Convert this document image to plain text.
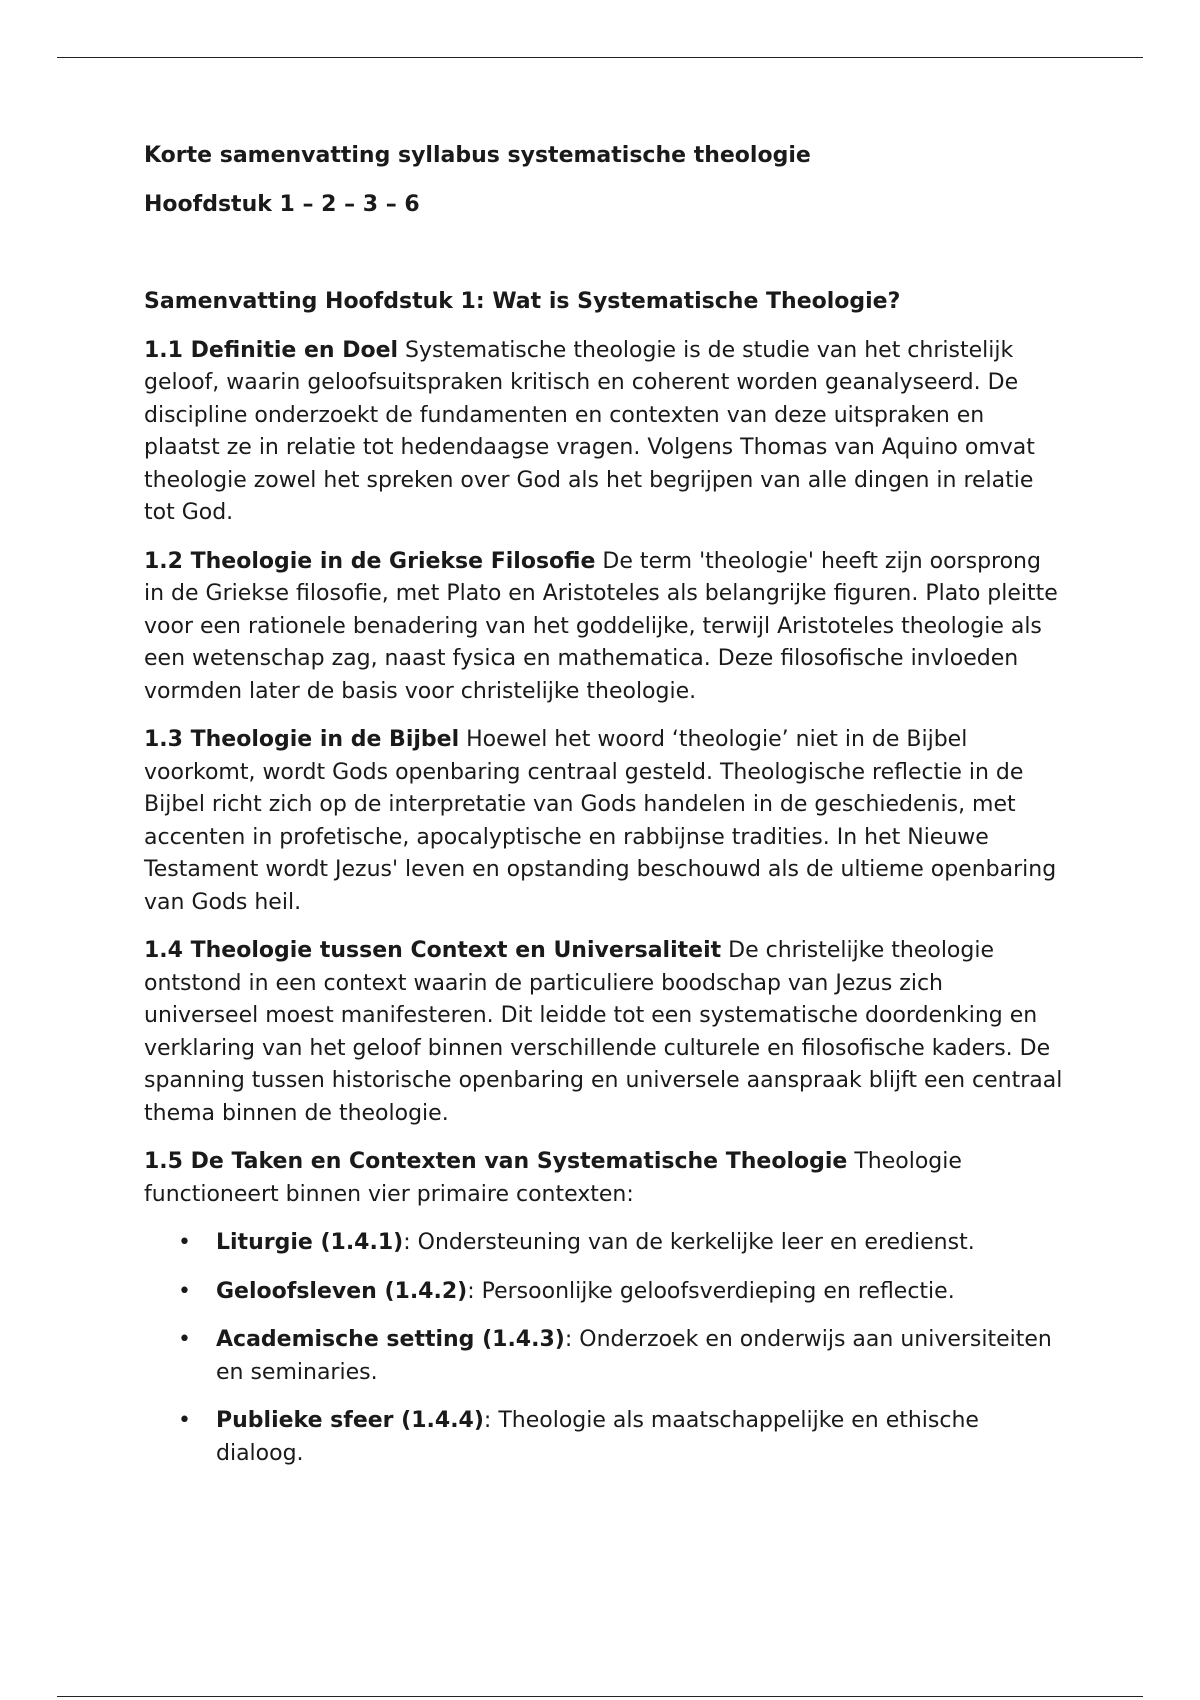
Korte samenvatting syllabus systematische theologie

Hoofdstuk 1 – 2 – 3 – 6

Samenvatting Hoofdstuk 1: Wat is Systematische Theologie?

1.1 Definitie en Doel Systematische theologie is de studie van het christelijk geloof, waarin geloofsuitspraken kritisch en coherent worden geanalyseerd. De discipline onderzoekt de fundamenten en contexten van deze uitspraken en plaatst ze in relatie tot hedendaagse vragen. Volgens Thomas van Aquino omvat theologie zowel het spreken over God als het begrijpen van alle dingen in relatie tot God.

1.2 Theologie in de Griekse Filosofie De term 'theologie' heeft zijn oorsprong in de Griekse filosofie, met Plato en Aristoteles als belangrijke figuren. Plato pleitte voor een rationele benadering van het goddelijke, terwijl Aristoteles theologie als een wetenschap zag, naast fysica en mathematica. Deze filosofische invloeden vormden later de basis voor christelijke theologie.

1.3 Theologie in de Bijbel Hoewel het woord ‘theologie’ niet in de Bijbel voorkomt, wordt Gods openbaring centraal gesteld. Theologische reflectie in de Bijbel richt zich op de interpretatie van Gods handelen in de geschiedenis, met accenten in profetische, apocalyptische en rabbijnse tradities. In het Nieuwe Testament wordt Jezus' leven en opstanding beschouwd als de ultieme openbaring van Gods heil.

1.4 Theologie tussen Context en Universaliteit De christelijke theologie ontstond in een context waarin de particuliere boodschap van Jezus zich universeel moest manifesteren. Dit leidde tot een systematische doordenking en verklaring van het geloof binnen verschillende culturele en filosofische kaders. De spanning tussen historische openbaring en universele aanspraak blijft een centraal thema binnen de theologie.

1.5 De Taken en Contexten van Systematische Theologie Theologie functioneert binnen vier primaire contexten:

• Liturgie (1.4.1): Ondersteuning van de kerkelijke leer en eredienst.
• Geloofsleven (1.4.2): Persoonlijke geloofsverdieping en reflectie.
• Academische setting (1.4.3): Onderzoek en onderwijs aan universiteiten en seminaries.
• Publieke sfeer (1.4.4): Theologie als maatschappelijke en ethische dialoog.
